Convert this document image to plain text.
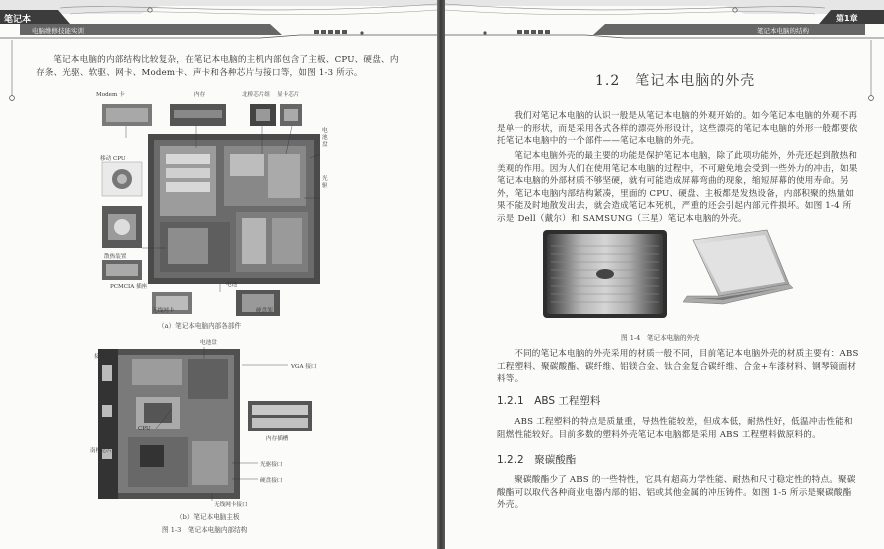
笔记本
电脑维修技能实训
笔记本电脑的内部结构比较复杂，在笔记本电脑的主机内部包含了主板、CPU、硬盘、内存条、光驱、软驱、网卡、Modem卡、声卡和各种芯片与接口等，如图 1-3 所示。
Modem 卡	内存	北桥芯片组 显卡芯片
电池盘
光驱
移动 CPU
散热装置
PCMCIA 插座	电池
无线网卡	硬盘架
（a）笔记本电脑内部各部件
电池盘
接口
VGA 接口
CPU
内存插槽
南桥芯片
光驱接口
硬盘接口
无线网卡接口
（b）笔记本电脑主板
图 1-3　笔记本电脑内部结构
第1章
笔记本电脑的结构
1.2　笔记本电脑的外壳
我们对笔记本电脑的认识一般是从笔记本电脑的外观开始的。如今笔记本电脑的外观不再是单一的形状，而是采用各式各样的漂亮外形设计，这些漂亮的笔记本电脑的外形一般都要依托笔记本电脑中的一个部件——笔记本电脑的外壳。
笔记本电脑外壳的最主要的功能是保护笔记本电脑，除了此项功能外，外壳还起到散热和美观的作用。因为人们在使用笔记本电脑的过程中，不可避免地会受到一些外力的冲击，如果笔记本电脑的外部材质不够坚硬，就有可能造成屏幕弯曲的现象，缩短屏幕的使用寿命。另外，笔记本电脑内部结构紧凑，里面的 CPU、硬盘、主板都是发热设备，内部积聚的热量如果不能及时地散发出去，就会造成笔记本死机，严重的还会引起内部元件损坏。如图 1-4 所示是 Dell（戴尔）和 SAMSUNG（三星）笔记本电脑的外壳。
图 1-4　笔记本电脑的外壳
不同的笔记本电脑的外壳采用的材质一般不同，目前笔记本电脑外壳的材质主要有：ABS 工程塑料、聚碳酸酯、碳纤维、铝镁合金、钛合金复合碳纤维、合金+车漆材料、钢琴镜面材料等。
1.2.1　ABS 工程塑料
ABS 工程塑料的特点是质量重，导热性能较差，但成本低，耐热性好，低温冲击性能和阻燃性能较好。目前多数的塑料外壳笔记本电脑都是采用 ABS 工程塑料做原料的。
1.2.2　聚碳酸酯
聚碳酸酯少了 ABS 的一些特性，它具有超高力学性能、耐热和尺寸稳定性的特点。聚碳酸酯可以取代各种商业电器内部的铝、铝或其他金属的冲压铸件。如图 1-5 所示是聚碳酸酯外壳。
